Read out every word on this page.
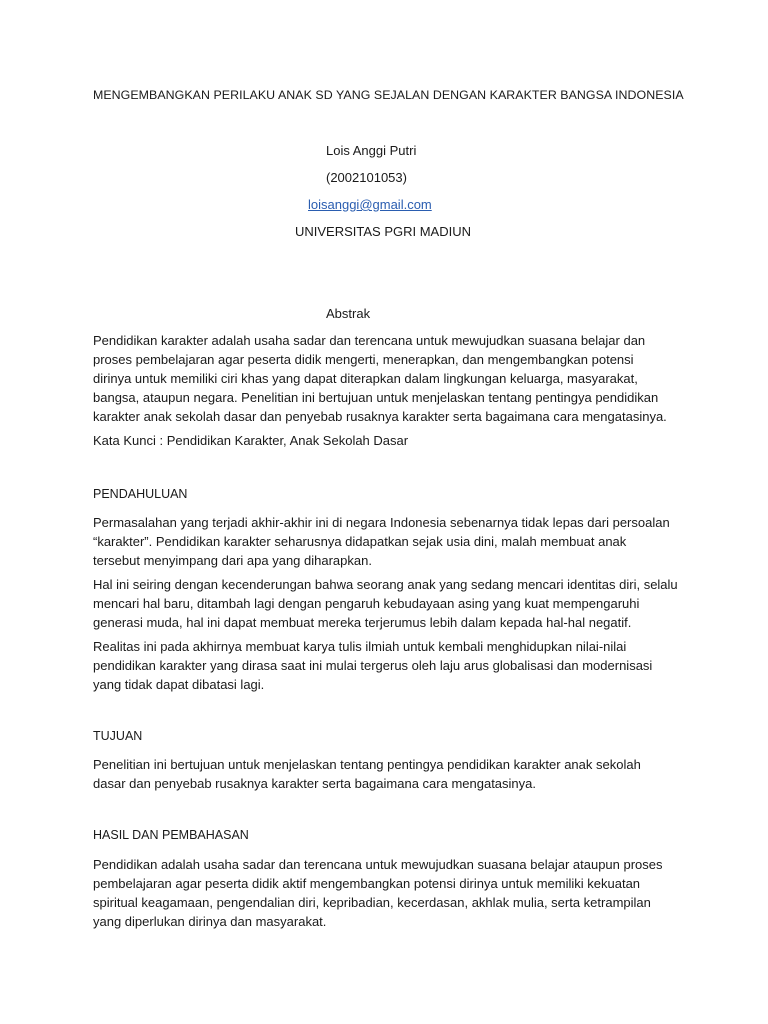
MENGEMBANGKAN PERILAKU ANAK SD YANG SEJALAN DENGAN KARAKTER BANGSA INDONESIA
Lois Anggi Putri
(2002101053)
loisanggi@gmail.com
UNIVERSITAS PGRI MADIUN
Abstrak

Pendidikan karakter adalah usaha sadar dan terencana untuk mewujudkan suasana belajar dan
proses pembelajaran agar peserta didik mengerti, menerapkan, dan mengembangkan potensi
dirinya untuk memiliki ciri khas yang dapat diterapkan dalam lingkungan keluarga, masyarakat,
bangsa, ataupun negara. Penelitian ini bertujuan untuk menjelaskan tentang pentingya pendidikan
karakter anak sekolah dasar dan penyebab rusaknya karakter serta bagaimana cara mengatasinya.

Kata Kunci : Pendidikan Karakter, Anak Sekolah Dasar

PENDAHULUAN

Permasalahan yang terjadi akhir-akhir ini di negara Indonesia sebenarnya tidak lepas dari persoalan
“karakter”. Pendidikan karakter seharusnya didapatkan sejak usia dini, malah membuat anak
tersebut menyimpang dari apa yang diharapkan.

Hal ini seiring dengan kecenderungan bahwa seorang anak yang sedang mencari identitas diri, selalu
mencari hal baru, ditambah lagi dengan pengaruh kebudayaan asing yang kuat mempengaruhi
generasi muda, hal ini dapat membuat mereka terjerumus lebih dalam kepada hal-hal negatif.

Realitas ini pada akhirnya membuat karya tulis ilmiah untuk kembali menghidupkan nilai-nilai
pendidikan karakter yang dirasa saat ini mulai tergerus oleh laju arus globalisasi dan modernisasi
yang tidak dapat dibatasi lagi.

TUJUAN

Penelitian ini bertujuan untuk menjelaskan tentang pentingya pendidikan karakter anak sekolah
dasar dan penyebab rusaknya karakter serta bagaimana cara mengatasinya.

HASIL DAN PEMBAHASAN

Pendidikan adalah usaha sadar dan terencana untuk mewujudkan suasana belajar ataupun proses
pembelajaran agar peserta didik aktif mengembangkan potensi dirinya untuk memiliki kekuatan
spiritual keagamaan, pengendalian diri, kepribadian, kecerdasan, akhlak mulia, serta ketrampilan
yang diperlukan dirinya dan masyarakat.
